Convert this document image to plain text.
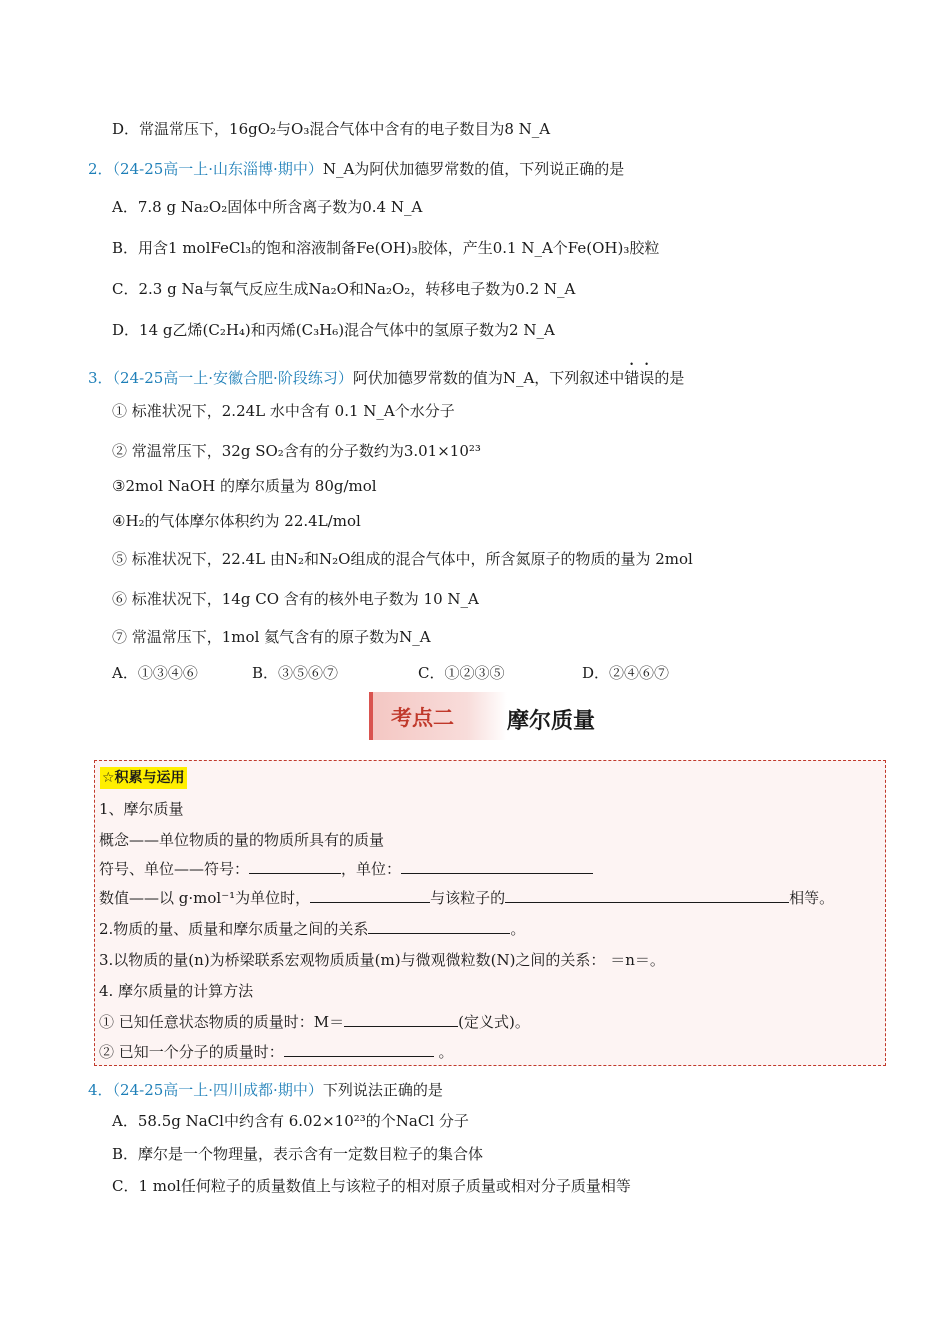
D．常温常压下，16gO₂与O₃混合气体中含有的电子数目为8 N_A
2．（24-25高一上·山东淄博·期中）N_A为阿伏加德罗常数的值，下列说正确的是
A．7.8 g Na₂O₂固体中所含离子数为0.4 N_A
B．用含1 molFeCl₃的饱和溶液制备Fe(OH)₃胶体，产生0.1 N_A个Fe(OH)₃胶粒
C．2.3 g Na与氧气反应生成Na₂O和Na₂O₂，转移电子数为0.2 N_A
D．14 g乙烯(C₂H₄)和丙烯(C₃H₆)混合气体中的氢原子数为2 N_A
3．（24-25高一上·安徽合肥·阶段练习）阿伏加德罗常数的值为N_A，下列叙述中错误的是
① 标准状况下，2.24L 水中含有 0.1 N_A个水分子
② 常温常压下，32g SO₂含有的分子数约为3.01×10²³
③2mol NaOH 的摩尔质量为 80g/mol
④H₂的气体摩尔体积约为 22.4L/mol
⑤ 标准状况下，22.4L 由N₂和N₂O组成的混合气体中，所含氮原子的物质的量为 2mol
⑥ 标准状况下，14g CO 含有的核外电子数为 10 N_A
⑦ 常温常压下，1mol 氦气含有的原子数为N_A
A．①③④⑥	B．③⑤⑥⑦	C．①②③⑤	D．②④⑥⑦
考点二 摩尔质量
☆积累与运用
1、摩尔质量
概念——单位物质的量的物质所具有的质量
符号、单位——符号：	，单位：
数值——以 g·mol⁻¹为单位时，	与该粒子的	相等。
2.物质的量、质量和摩尔质量之间的关系	。
3.以物质的量(n)为桥梁联系宏观物质质量(m)与微观微粒数(N)之间的关系： ＝n＝。
4. 摩尔质量的计算方法
① 已知任意状态物质的质量时：M＝	(定义式)。
② 已知一个分子的质量时：	。
4．（24-25高一上·四川成都·期中）下列说法正确的是
A．58.5g NaCl中约含有 6.02×10²³的个NaCl 分子
B．摩尔是一个物理量，表示含有一定数目粒子的集合体
C．1 mol任何粒子的质量数值上与该粒子的相对原子质量或相对分子质量相等
